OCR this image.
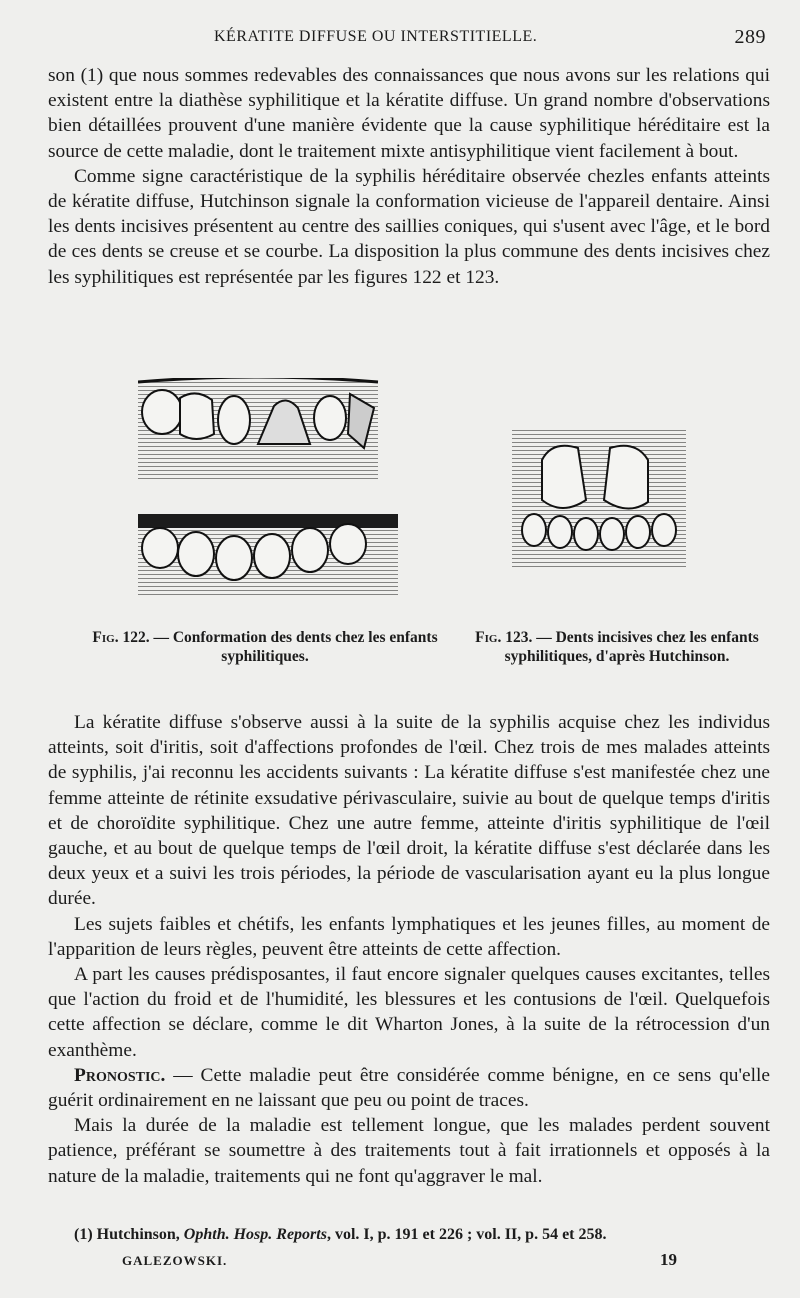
KÉRATITE DIFFUSE OU INTERSTITIELLE.	289

son (1) que nous sommes redevables des connaissances que nous avons sur les relations qui existent entre la diathèse syphilitique et la kératite diffuse. Un grand nombre d'observations bien détaillées prouvent d'une manière évidente que la cause syphilitique héréditaire est la source de cette maladie, dont le traitement mixte antisyphilitique vient facilement à bout.

Comme signe caractéristique de la syphilis héréditaire observée chezles enfants atteints de kératite diffuse, Hutchinson signale la conformation vicieuse de l'appareil dentaire. Ainsi les dents incisives présentent au centre des saillies coniques, qui s'usent avec l'âge, et le bord de ces dents se creuse et se courbe. La disposition la plus commune des dents incisives chez les syphilitiques est représentée par les figures 122 et 123.

Fig. 122. — Conformation des dents chez les enfants syphilitiques.
Fig. 123. — Dents incisives chez les enfants syphilitiques, d'après Hutchinson.

La kératite diffuse s'observe aussi à la suite de la syphilis acquise chez les individus atteints, soit d'iritis, soit d'affections profondes de l'œil. Chez trois de mes malades atteints de syphilis, j'ai reconnu les accidents suivants : La kératite diffuse s'est manifestée chez une femme atteinte de rétinite exsudative périvasculaire, suivie au bout de quelque temps d'iritis et de choroïdite syphilitique. Chez une autre femme, atteinte d'iritis syphilitique de l'œil gauche, et au bout de quelque temps de l'œil droit, la kératite diffuse s'est déclarée dans les deux yeux et a suivi les trois périodes, la période de vascularisation ayant eu la plus longue durée.

Les sujets faibles et chétifs, les enfants lymphatiques et les jeunes filles, au moment de l'apparition de leurs règles, peuvent être atteints de cette affection.

A part les causes prédisposantes, il faut encore signaler quelques causes excitantes, telles que l'action du froid et de l'humidité, les blessures et les contusions de l'œil. Quelquefois cette affection se déclare, comme le dit Wharton Jones, à la suite de la rétrocession d'un exanthème.

Pronostic. — Cette maladie peut être considérée comme bénigne, en ce sens qu'elle guérit ordinairement en ne laissant que peu ou point de traces.

Mais la durée de la maladie est tellement longue, que les malades perdent souvent patience, préférant se soumettre à des traitements tout à fait irrationnels et opposés à la nature de la maladie, traitements qui ne font qu'aggraver le mal.

(1) Hutchinson, Ophth. Hosp. Reports, vol. I, p. 191 et 226 ; vol. II, p. 54 et 258.
GALEZOWSKI.	19
